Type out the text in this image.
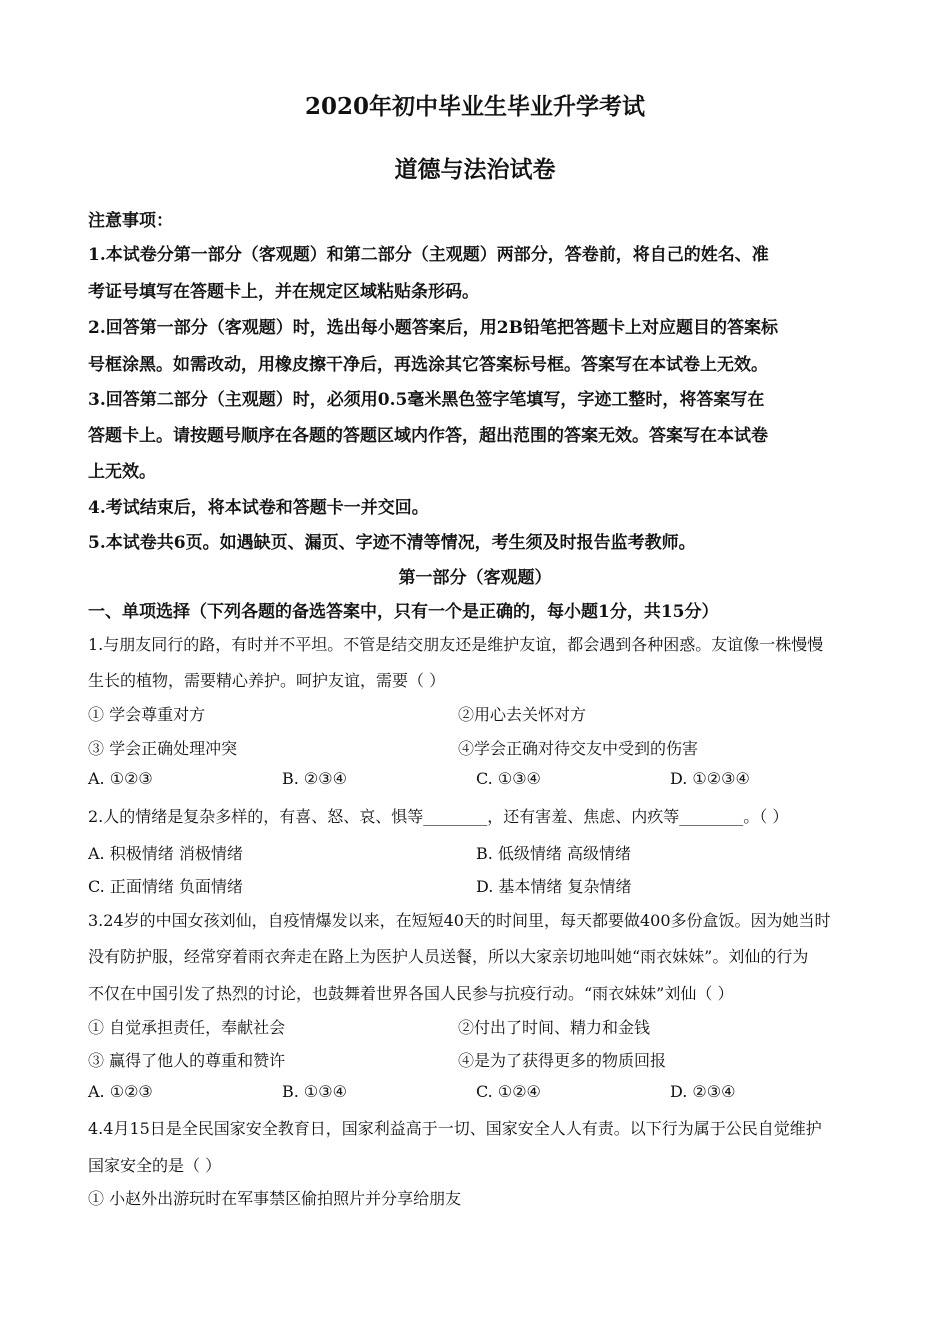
2020年初中毕业生毕业升学考试
道德与法治试卷
注意事项：
1.本试卷分第一部分（客观题）和第二部分（主观题）两部分，答卷前，将自己的姓名、准
考证号填写在答题卡上，并在规定区域粘贴条形码。
2.回答第一部分（客观题）时，选出每小题答案后，用2B铅笔把答题卡上对应题目的答案标
号框涂黑。如需改动，用橡皮擦干净后，再选涂其它答案标号框。答案写在本试卷上无效。
3.回答第二部分（主观题）时，必须用0.5毫米黑色签字笔填写，字迹工整时，将答案写在
答题卡上。请按题号顺序在各题的答题区域内作答，超出范围的答案无效。答案写在本试卷
上无效。
4.考试结束后，将本试卷和答题卡一并交回。
5.本试卷共6页。如遇缺页、漏页、字迹不清等情况，考生须及时报告监考教师。
第一部分（客观题）
一、单项选择（下列各题的备选答案中，只有一个是正确的，每小题1分，共15分）
1.与朋友同行的路，有时并不平坦。不管是结交朋友还是维护友谊，都会遇到各种困惑。友谊像一株慢慢
生长的植物，需要精心养护。呵护友谊，需要（ ）
① 学会尊重对方	②用心去关怀对方
③ 学会正确处理冲突	④学会正确对待交友中受到的伤害
A. ①②③	B. ②③④	C. ①③④	D. ①②③④
2.人的情绪是复杂多样的，有喜、怒、哀、惧等________，还有害羞、焦虑、内疚等________。（ ）
A. 积极情绪 消极情绪	B. 低级情绪 高级情绪
C. 正面情绪 负面情绪	D. 基本情绪 复杂情绪
3.24岁的中国女孩刘仙，自疫情爆发以来，在短短40天的时间里，每天都要做400多份盒饭。因为她当时
没有防护服，经常穿着雨衣奔走在路上为医护人员送餐，所以大家亲切地叫她“雨衣妹妹”。刘仙的行为
不仅在中国引发了热烈的讨论，也鼓舞着世界各国人民参与抗疫行动。“雨衣妹妹”刘仙（ ）
① 自觉承担责任，奉献社会	②付出了时间、精力和金钱
③ 赢得了他人的尊重和赞许	④是为了获得更多的物质回报
A. ①②③	B. ①③④	C. ①②④	D. ②③④
4.4月15日是全民国家安全教育日，国家利益高于一切、国家安全人人有责。以下行为属于公民自觉维护
国家安全的是（ ）
① 小赵外出游玩时在军事禁区偷拍照片并分享给朋友
